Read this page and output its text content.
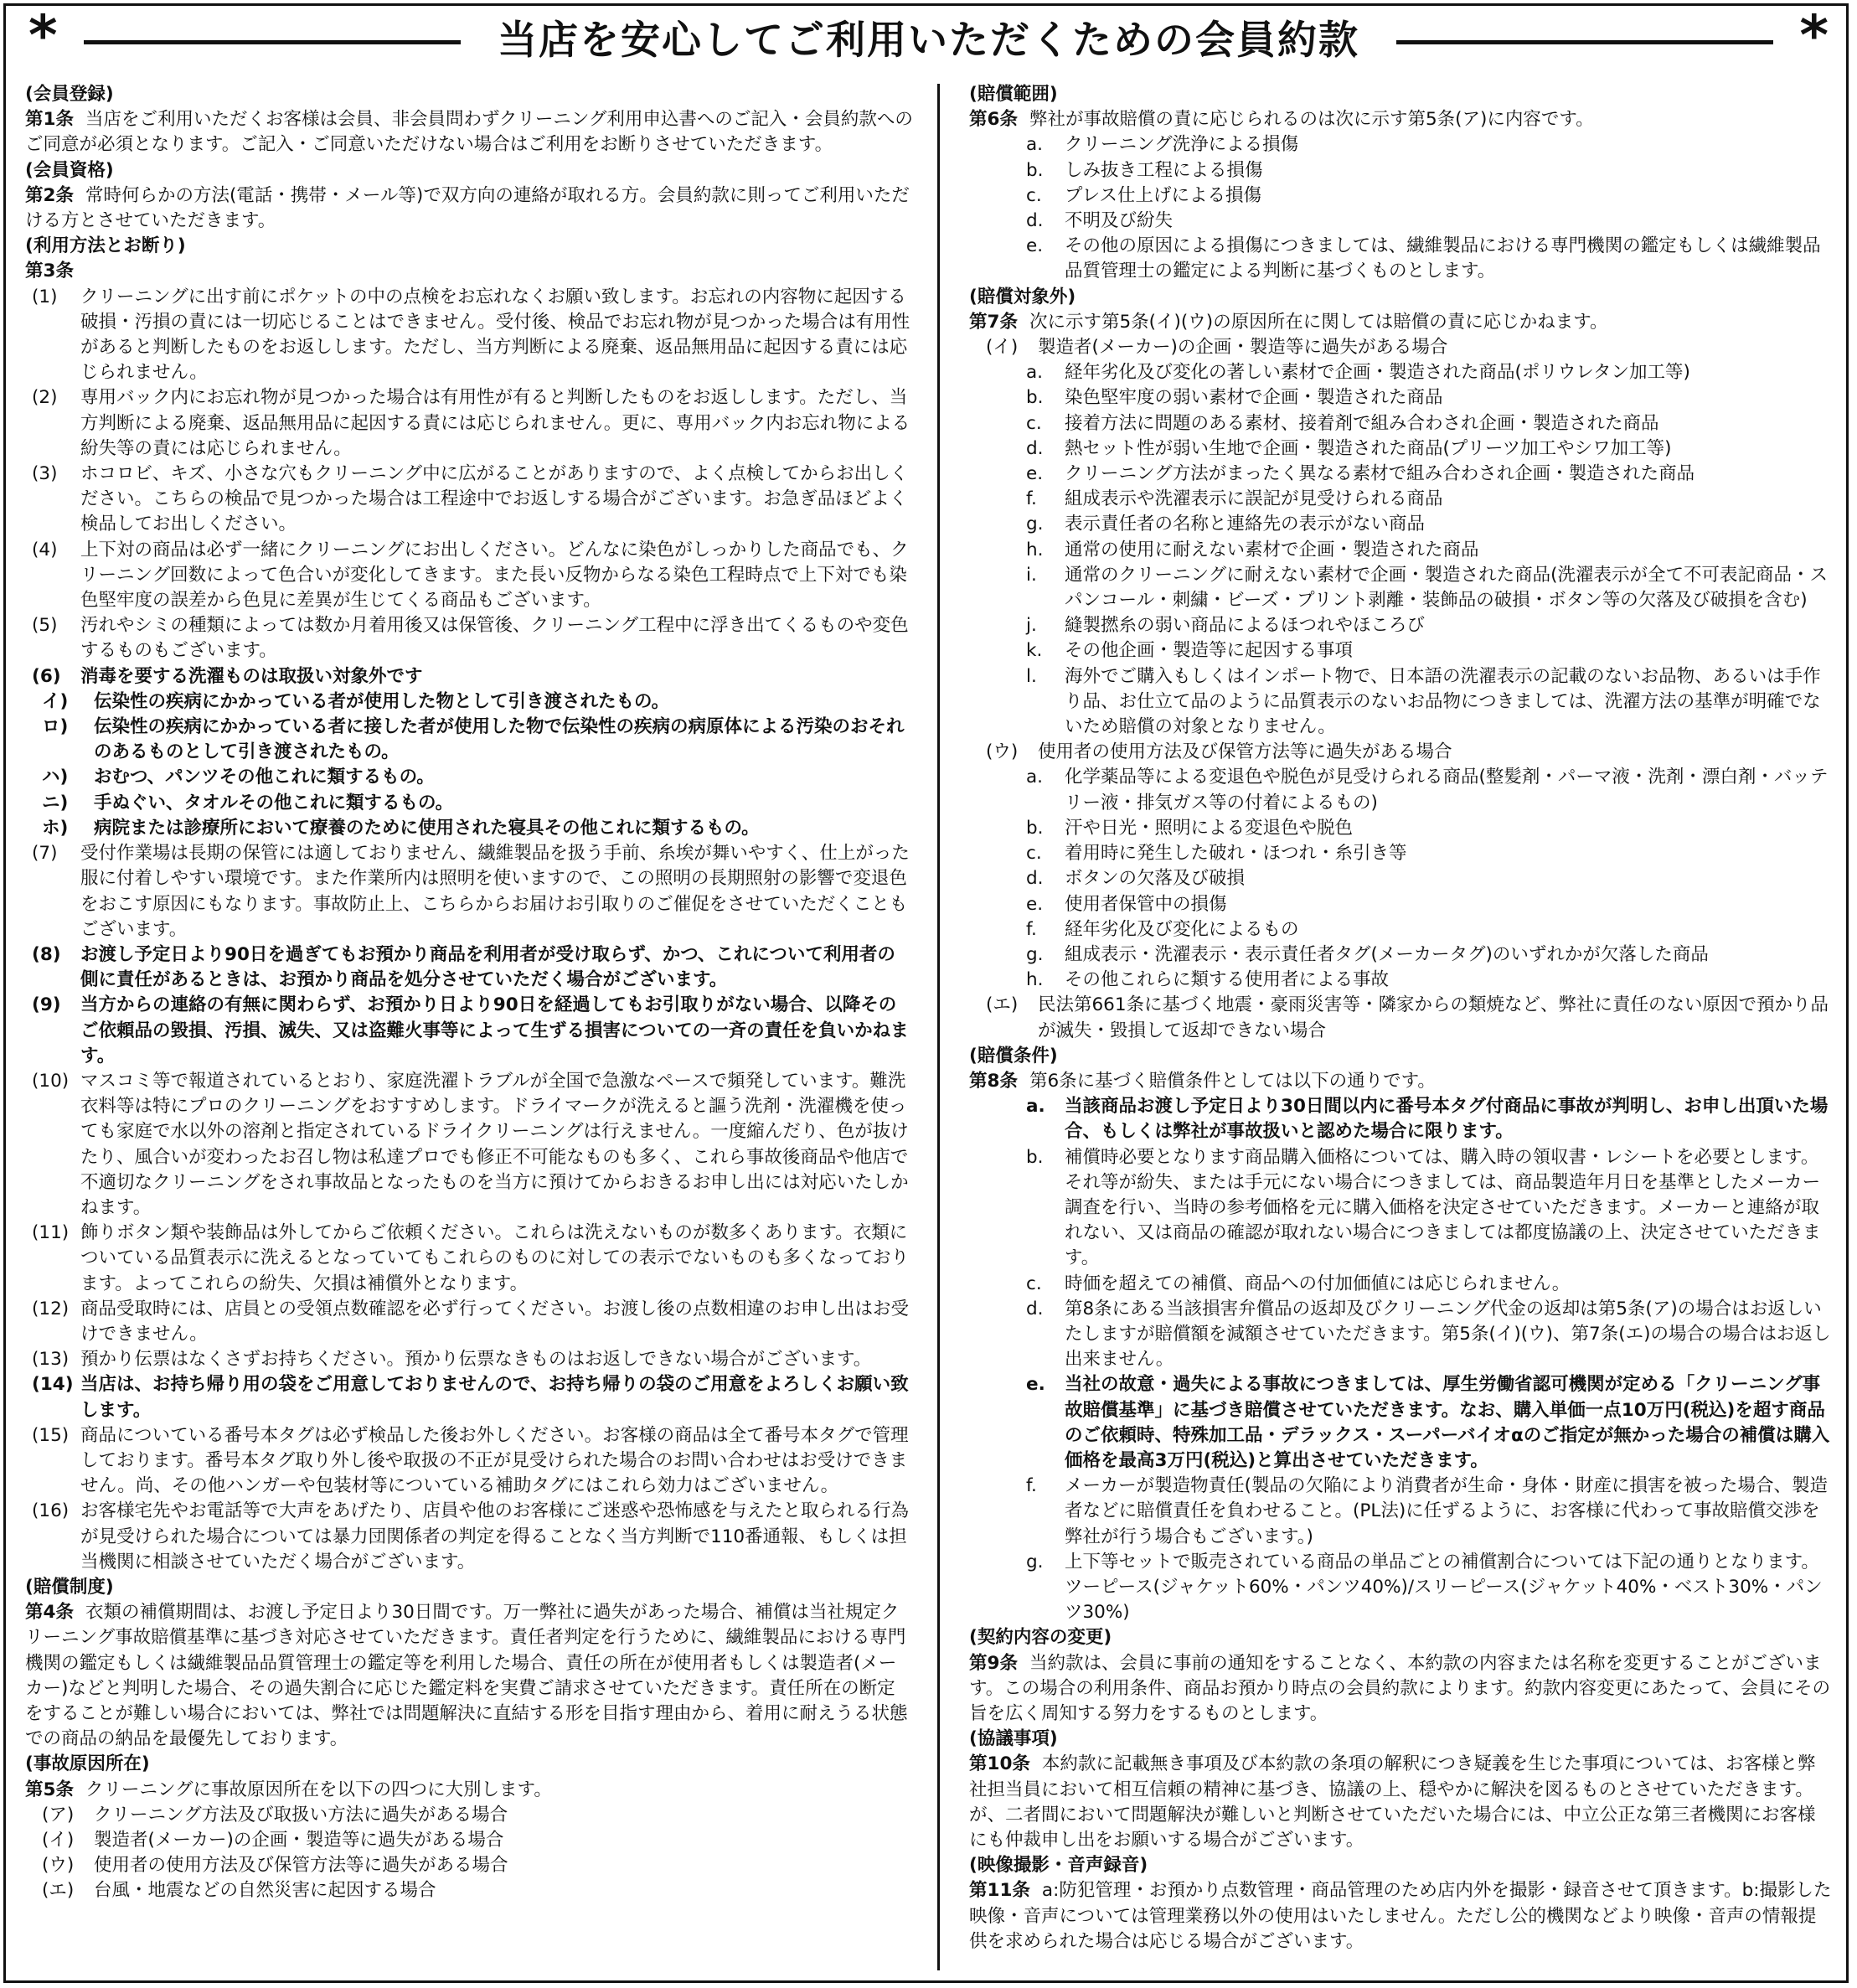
*	当店を安心してご利用いただくための会員約款	*
(会員登録)

第1条 当店をご利用いただくお客様は会員、非会員問わずクリーニング利用申込書へのご記入・会員約款へのご同意が必須となります。ご記入・ご同意いただけない場合はご利用をお断りさせていただきます。

(会員資格)

第2条 常時何らかの方法(電話・携帯・メール等)で双方向の連絡が取れる方。会員約款に則ってご利用いただける方とさせていただきます。

(利用方法とお断り)

第3条

(1)	クリーニングに出す前にポケットの中の点検をお忘れなくお願い致します。お忘れの内容物に起因する破損・汚損の責には一切応じることはできません。受付後、検品でお忘れ物が見つかった場合は有用性があると判断したものをお返しします。ただし、当方判断による廃棄、返品無用品に起因する責には応じられません。
(2)	専用バック内にお忘れ物が見つかった場合は有用性が有ると判断したものをお返しします。ただし、当方判断による廃棄、返品無用品に起因する責には応じられません。更に、専用バック内お忘れ物による紛失等の責には応じられません。
(3)	ホコロビ、キズ、小さな穴もクリーニング中に広がることがありますので、よく点検してからお出しください。こちらの検品で見つかった場合は工程途中でお返しする場合がございます。お急ぎ品ほどよく検品してお出しください。
(4)	上下対の商品は必ず一緒にクリーニングにお出しください。どんなに染色がしっかりした商品でも、クリーニング回数によって色合いが変化してきます。また長い反物からなる染色工程時点で上下対でも染色堅牢度の誤差から色見に差異が生じてくる商品もございます。
(5)	汚れやシミの種類によっては数か月着用後又は保管後、クリーニング工程中に浮き出てくるものや変色するものもございます。
(6)	消毒を要する洗濯ものは取扱い対象外です
イ)	伝染性の疾病にかかっている者が使用した物として引き渡されたもの。
ロ)	伝染性の疾病にかかっている者に接した者が使用した物で伝染性の疾病の病原体による汚染のおそれのあるものとして引き渡されたもの。
ハ)	おむつ、パンツその他これに類するもの。
ニ)	手ぬぐい、タオルその他これに類するもの。
ホ)	病院または診療所において療養のために使用された寝具その他これに類するもの。
(7)	受付作業場は長期の保管には適しておりません、繊維製品を扱う手前、糸埃が舞いやすく、仕上がった服に付着しやすい環境です。また作業所内は照明を使いますので、この照明の長期照射の影響で変退色をおこす原因にもなります。事故防止上、こちらからお届けお引取りのご催促をさせていただくこともございます。
(8)	お渡し予定日より90日を過ぎてもお預かり商品を利用者が受け取らず、かつ、これについて利用者の側に責任があるときは、お預かり商品を処分させていただく場合がございます。
(9)	当方からの連絡の有無に関わらず、お預かり日より90日を経過してもお引取りがない場合、以降そのご依頼品の毀損、汚損、滅失、又は盗難火事等によって生ずる損害についての一斉の責任を負いかねます。
(10) マスコミ等で報道されているとおり、家庭洗濯トラブルが全国で急激なペースで頻発しています。難洗衣料等は特にプロのクリーニングをおすすめします。ドライマークが洗えると謳う洗剤・洗濯機を使っても家庭で水以外の溶剤と指定されているドライクリーニングは行えません。一度縮んだり、色が抜けたり、風合いが変わったお召し物は私達プロでも修正不可能なものも多く、これら事故後商品や他店で不適切なクリーニングをされ事故品となったものを当方に預けてからおきるお申し出には対応いたしかねます。
(11) 飾りボタン類や装飾品は外してからご依頼ください。これらは洗えないものが数多くあります。衣類についている品質表示に洗えるとなっていてもこれらのものに対しての表示でないものも多くなっております。よってこれらの紛失、欠損は補償外となります。
(12) 商品受取時には、店員との受領点数確認を必ず行ってください。お渡し後の点数相違のお申し出はお受けできません。
(13) 預かり伝票はなくさずお持ちください。預かり伝票なきものはお返しできない場合がございます。
(14) 当店は、お持ち帰り用の袋をご用意しておりませんので、お持ち帰りの袋のご用意をよろしくお願い致します。
(15) 商品についている番号本タグは必ず検品した後お外しください。お客様の商品は全て番号本タグで管理しております。番号本タグ取り外し後や取扱の不正が見受けられた場合のお問い合わせはお受けできません。尚、その他ハンガーや包装材等についている補助タグにはこれら効力はございません。
(16) お客様宅先やお電話等で大声をあげたり、店員や他のお客様にご迷惑や恐怖感を与えたと取られる行為が見受けられた場合については暴力団関係者の判定を得ることなく当方判断で110番通報、もしくは担当機関に相談させていただく場合がございます。
(賠償制度)

第4条 衣類の補償期間は、お渡し予定日より30日間です。万一弊社に過失があった場合、補償は当社規定クリーニング事故賠償基準に基づき対応させていただきます。責任者判定を行うために、繊維製品における専門機関の鑑定もしくは繊維製品品質管理士の鑑定等を利用した場合、責任の所在が使用者もしくは製造者(メーカー)などと判明した場合、その過失割合に応じた鑑定料を実費ご請求させていただきます。責任所在の断定をすることが難しい場合においては、弊社では問題解決に直結する形を目指す理由から、着用に耐えうる状態での商品の納品を最優先しております。

(事故原因所在)

第5条 クリーニングに事故原因所在を以下の四つに大別します。

(ア)	クリーニング方法及び取扱い方法に過失がある場合
(イ)	製造者(メーカー)の企画・製造等に過失がある場合
(ウ)	使用者の使用方法及び保管方法等に過失がある場合
(エ)	台風・地震などの自然災害に起因する場合
(賠償範囲)

第6条 弊社が事故賠償の責に応じられるのは次に示す第5条(ア)に内容です。

a.	クリーニング洗浄による損傷
b.	しみ抜き工程による損傷
c.	プレス仕上げによる損傷
d.	不明及び紛失
e.	その他の原因による損傷につきましては、繊維製品における専門機関の鑑定もしくは繊維製品品質管理士の鑑定による判断に基づくものとします。
(賠償対象外)

第7条 次に示す第5条(イ)(ウ)の原因所在に関しては賠償の責に応じかねます。

(イ)	製造者(メーカー)の企画・製造等に過失がある場合
a.	経年劣化及び変化の著しい素材で企画・製造された商品(ポリウレタン加工等)
b.	染色堅牢度の弱い素材で企画・製造された商品
c.	接着方法に問題のある素材、接着剤で組み合わされ企画・製造された商品
d.	熱セット性が弱い生地で企画・製造された商品(プリーツ加工やシワ加工等)
e.	クリーニング方法がまったく異なる素材で組み合わされ企画・製造された商品
f.	組成表示や洗濯表示に誤記が見受けられる商品
g.	表示責任者の名称と連絡先の表示がない商品
h.	通常の使用に耐えない素材で企画・製造された商品
i.	通常のクリーニングに耐えない素材で企画・製造された商品(洗濯表示が全て不可表記商品・スパンコール・刺繍・ビーズ・プリント剥離・装飾品の破損・ボタン等の欠落及び破損を含む)
j.	縫製撚糸の弱い商品によるほつれやほころび
k.	その他企画・製造等に起因する事項
l.	海外でご購入もしくはインポート物で、日本語の洗濯表示の記載のないお品物、あるいは手作り品、お仕立て品のように品質表示のないお品物につきましては、洗濯方法の基準が明確でないため賠償の対象となりません。
(ウ)	使用者の使用方法及び保管方法等に過失がある場合
a.	化学薬品等による変退色や脱色が見受けられる商品(整髪剤・パーマ液・洗剤・漂白剤・バッテリー液・排気ガス等の付着によるもの)
b.	汗や日光・照明による変退色や脱色
c.	着用時に発生した破れ・ほつれ・糸引き等
d.	ボタンの欠落及び破損
e.	使用者保管中の損傷
f.	経年劣化及び変化によるもの
g.	組成表示・洗濯表示・表示責任者タグ(メーカータグ)のいずれかが欠落した商品
h.	その他これらに類する使用者による事故
(エ)	民法第661条に基づく地震・豪雨災害等・隣家からの類焼など、弊社に責任のない原因で預かり品が滅失・毀損して返却できない場合
(賠償条件)

第8条 第6条に基づく賠償条件としては以下の通りです。

a.	当該商品お渡し予定日より30日間以内に番号本タグ付商品に事故が判明し、お申し出頂いた場合、もしくは弊社が事故扱いと認めた場合に限ります。
b.	補償時必要となります商品購入価格については、購入時の領収書・レシートを必要とします。それ等が紛失、または手元にない場合につきましては、商品製造年月日を基準としたメーカー調査を行い、当時の参考価格を元に購入価格を決定させていただきます。メーカーと連絡が取れない、又は商品の確認が取れない場合につきましては都度協議の上、決定させていただきます。
c.	時価を超えての補償、商品への付加価値には応じられません。
d.	第8条にある当該損害弁償品の返却及びクリーニング代金の返却は第5条(ア)の場合はお返しいたしますが賠償額を減額させていただきます。第5条(イ)(ウ)、第7条(エ)の場合の場合はお返し出来ません。
e.	当社の故意・過失による事故につきましては、厚生労働省認可機関が定める「クリーニング事故賠償基準」に基づき賠償させていただきます。なお、購入単価一点10万円(税込)を超す商品のご依頼時、特殊加工品・デラックス・スーパーバイオαのご指定が無かった場合の補償は購入価格を最高3万円(税込)と算出させていただきます。
f.	メーカーが製造物責任(製品の欠陥により消費者が生命・身体・財産に損害を被った場合、製造者などに賠償責任を負わせること。(PL法)に任ずるように、お客様に代わって事故賠償交渉を弊社が行う場合もございます。)
g.	上下等セットで販売されている商品の単品ごとの補償割合については下記の通りとなります。ツーピース(ジャケット60%・パンツ40%)/スリーピース(ジャケット40%・ベスト30%・パンツ30%)
(契約内容の変更)

第9条 当約款は、会員に事前の通知をすることなく、本約款の内容または名称を変更することがございます。この場合の利用条件、商品お預かり時点の会員約款によります。約款内容変更にあたって、会員にその旨を広く周知する努力をするものとします。

(協議事項)

第10条 本約款に記載無き事項及び本約款の条項の解釈につき疑義を生じた事項については、お客様と弊社担当員において相互信頼の精神に基づき、協議の上、穏やかに解決を図るものとさせていただきます。が、二者間において問題解決が難しいと判断させていただいた場合には、中立公正な第三者機関にお客様にも仲裁申し出をお願いする場合がございます。

(映像撮影・音声録音)

第11条 a:防犯管理・お預かり点数管理・商品管理のため店内外を撮影・録音させて頂きます。b:撮影した映像・音声については管理業務以外の使用はいたしません。ただし公的機関などより映像・音声の情報提供を求められた場合は応じる場合がございます。
